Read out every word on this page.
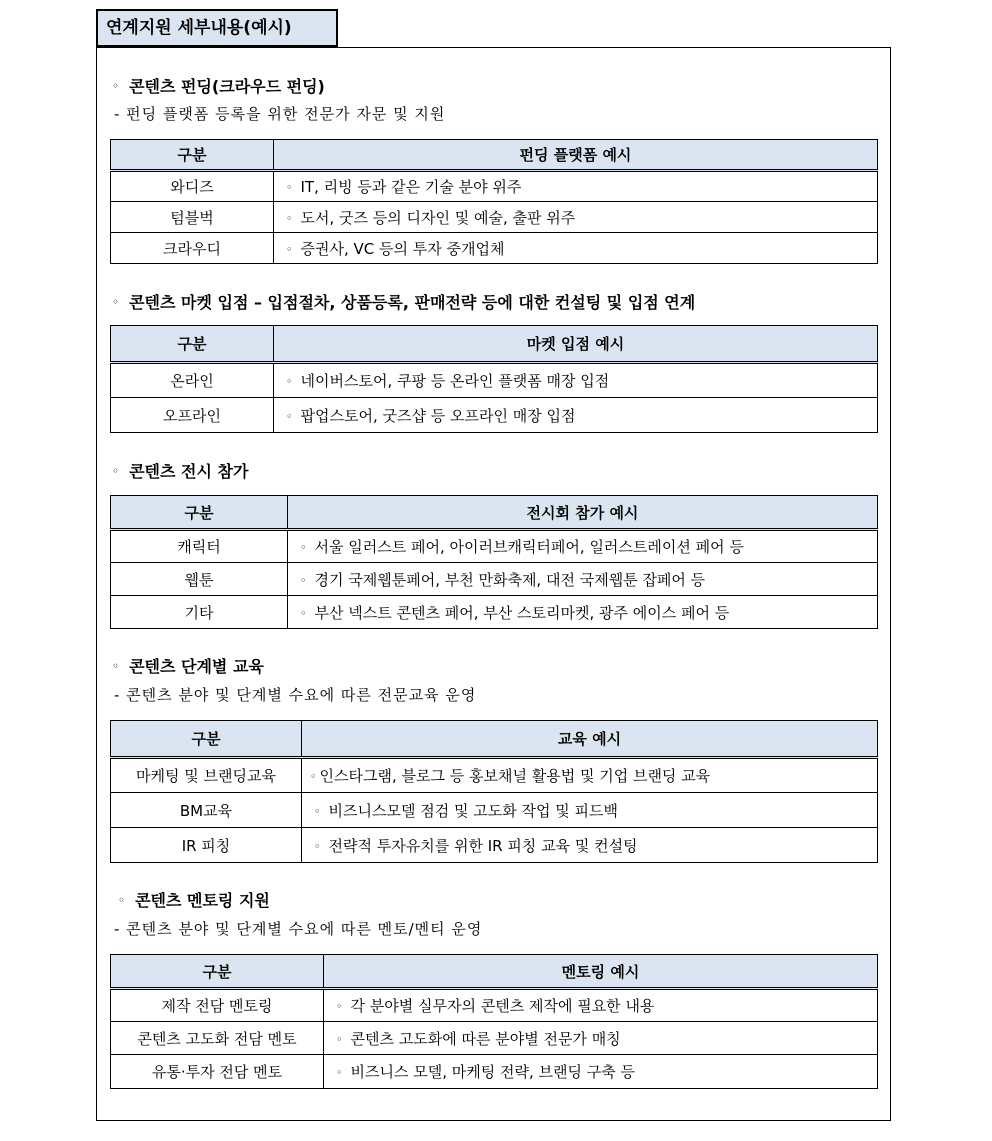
연계지원 세부내용(예시)
◦ 콘텐츠 펀딩(크라우드 펀딩)
- 펀딩 플랫폼 등록을 위한 전문가 자문 및 지원
구분	펀딩 플랫폼 예시
와디즈	◦ IT, 리빙 등과 같은 기술 분야 위주
텀블벅	◦ 도서, 굿즈 등의 디자인 및 예술, 출판 위주
크라우디	◦ 증권사, VC 등의 투자 중개업체
◦ 콘텐츠 마켓 입점 – 입점절차, 상품등록, 판매전략 등에 대한 컨설팅 및 입점 연계
구분	마켓 입점 예시
온라인	◦ 네이버스토어, 쿠팡 등 온라인 플랫폼 매장 입점
오프라인	◦ 팝업스토어, 굿즈샵 등 오프라인 매장 입점
◦ 콘텐츠 전시 참가
구분	전시회 참가 예시
캐릭터	◦ 서울 일러스트 페어, 아이러브캐릭터페어, 일러스트레이션 페어 등
웹툰	◦ 경기 국제웹툰페어, 부천 만화축제, 대전 국제웹툰 잡페어 등
기타	◦ 부산 넥스트 콘텐츠 페어, 부산 스토리마켓, 광주 에이스 페어 등
◦ 콘텐츠 단계별 교육
- 콘텐츠 분야 및 단계별 수요에 따른 전문교육 운영
구분	교육 예시
마케팅 및 브랜딩교육	◦ 인스타그램, 블로그 등 홍보채널 활용법 및 기업 브랜딩 교육
BM교육	◦ 비즈니스모델 점검 및 고도화 작업 및 피드백
IR 피칭	◦ 전략적 투자유치를 위한 IR 피칭 교육 및 컨설팅
◦ 콘텐츠 멘토링 지원
- 콘텐츠 분야 및 단계별 수요에 따른 멘토/멘티 운영
구분	멘토링 예시
제작 전담 멘토링	◦ 각 분야별 실무자의 콘텐츠 제작에 필요한 내용
콘텐츠 고도화 전담 멘토	◦ 콘텐츠 고도화에 따른 분야별 전문가 매칭
유통·투자 전담 멘토	◦ 비즈니스 모델, 마케팅 전략, 브랜딩 구축 등
